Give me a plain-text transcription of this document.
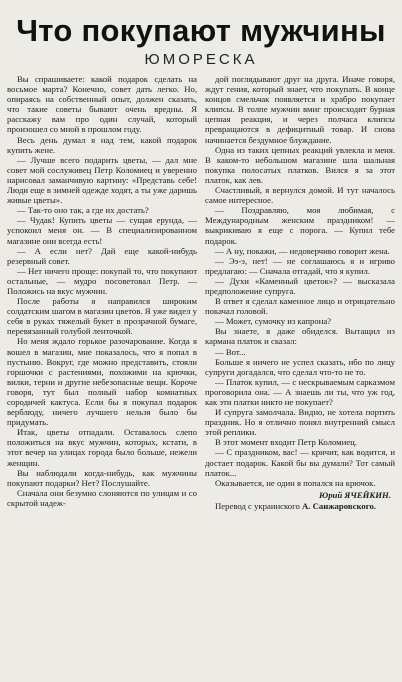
Что покупают мужчины
ЮМОРЕСКА

Вы спрашиваете: какой подарок сделать на восьмое марта? Конечно, совет дать легко. Но, опираясь на собственный опыт, должен сказать, что такие советы бывают очень вредны. Я расскажу вам про один случай, который произошел со мной в прошлом году.

Весь день думал я над тем, какой подарок купить жене.

— Лучше всего подарить цветы, — дал мне совет мой сослуживец Петр Коломиец и уверенно нарисовал заманчивую картину: «Представь себе! Люди еще в зимней одежде ходят, а ты уже даришь живые цветы».

— Так-то оно так, а где их достать?

— Чудак! Купить цветы — сущая ерунда, — успокоил меня он. — В специализированном магазине они всегда есть!

— А если нет? Дай еще какой-нибудь резервный совет.

— Нет ничего проще: покупай то, что покупают остальные, — мудро посоветовал Петр. — Положись на вкус мужчин.

После работы я направился широким солдатским шагом в магазин цветов. Я уже видел у себя в руках тяжелый букет в прозрачной бумаге, перевязанный голубой ленточкой.

Но меня ждало горькое разочарование. Когда я вошел в магазин, мне показалось, что я попал в пустыню. Вокруг, где можно представить, стояли горшочки с растениями, похожими на крючки, вилки, терни и другие небезопасные вещи. Короче говоря, тут был полный набор комнатных сородичей кактуса. Если бы я покупал подарок верблюду, ничего лучшего нельзя было бы придумать.

Итак, цветы отпадали. Оставалось слепо положиться на вкус мужчин, которых, кстати, в этот вечер на улицах города было больше, нежели женщин.

Вы наблюдали когда-нибудь, как мужчины покупают подарки? Нет? Послушайте.

Сначала они безумно слоняются по улицам и со скрытой надеж-

дой поглядывают друг на друга. Иначе говоря, ждут гения, который знает, что покупать. В конце концов смельчак появляется и храбро покупает клипсы. В толпе мужчин вмиг происходит бурная цепная реакция, и через полчаса клипсы превращаются в дефицитный товар. И снова начинается бездумное блуждание.

Одна из таких цепных реакций увлекла и меня. В каком-то небольшом магазине шла шальная покупка полосатых платков. Вился я за этот платок, как лев.

Счастливый, я вернулся домой. И тут началось самое интересное.

— Поздравляю, моя любимая, с Международным женским праздником! — выкрикиваю я еще с порога. — Купил тебе подарок.

— А ну, покажи, — недоверчиво говорит жена.

— Ээ-э, нет! — не соглашаюсь я и игриво предлагаю: — Сначала отгадай, что я купил.

— Духи «Каменный цветок»? — высказала предположение супруга.

В ответ я сделал каменное лицо и отрицательно покачал головой.

— Может, сумочку из капрона?

Вы знаете, я даже обиделся. Вытащил из кармана платок и сказал:

— Вот...

Больше я ничего не успел сказать, ибо по лицу супруги догадался, что сделал что-то не то.

— Платок купил, — с нескрываемым сарказмом проговорила она. — А знаешь ли ты, что уж год, как эти платки никто не покупает?

И супруга замолчала. Видно, не хотела портить праздник. Но я отлично понял внутренний смысл этой реплики.

В этот момент входит Петр Коломиец.

— С праздником, вас! — кричит, как водится, и достает подарок. Какой бы вы думали? Тот самый платок...

Оказывается, не один я попался на крючок.

Юрий ЯЧЕЙКИН.
Перевод с украинского А. Санжаровского.
